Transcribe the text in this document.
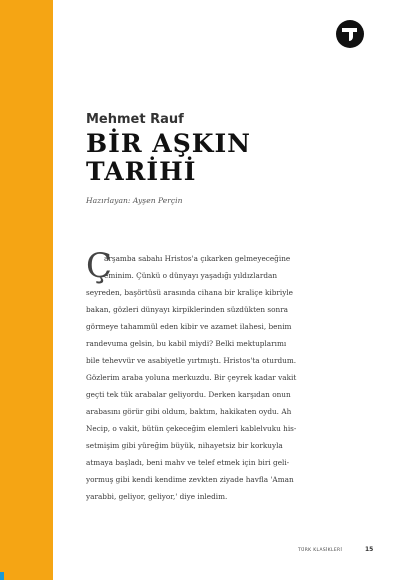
Mehmet Rauf
BİR AŞKIN
TARİHİ
Hazırlayan: Ayşen Perçin
Ç
arşamba sabahı Hristos'a çıkarken gelmeyeceğine
eminim. Çünkü o dünyayı yaşadığı yıldızlardan
seyreden, başörtüsü arasında cihana bir kraliçe kibriyle
bakan, gözleri dünyayı kirpiklerinden süzdükten sonra
görmeye tahammül eden kibir ve azamet ilahesi, benim
randevuma gelsin, bu kabil miydi? Belki mektuplarımı
bile tehevvür ve asabiyetle yırtmıştı. Hristos'ta oturdum.
Gözlerim araba yoluna merkuzdu. Bir çeyrek kadar vakit
geçti tek tük arabalar geliyordu. Derken karşıdan onun
arabasını görür gibi oldum, baktım, hakikaten oydu. Ah
Necip, o vakit, bütün çekeceğim elemleri kablelvuku his-
setmişim gibi yüreğim büyük, nihayetsiz bir korkuyla
atmaya başladı, beni mahv ve telef etmek için biri geli-
yormuş gibi kendi kendime zevkten ziyade havfla 'Aman
yarabbi, geliyor, geliyor,' diye inledim.
TÜRK KLASİKLERİ	15
